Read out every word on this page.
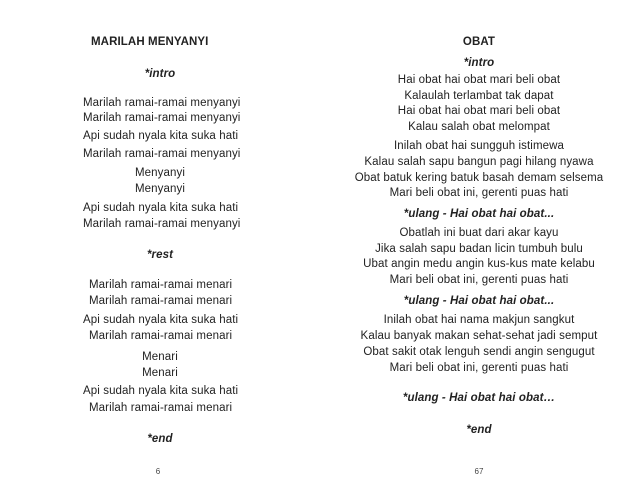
MARILAH MENYANYI
*intro
Marilah ramai-ramai menyanyi
Marilah ramai-ramai menyanyi
Api sudah nyala kita suka hati
Marilah ramai-ramai menyanyi
Menyanyi
Menyanyi
Api sudah nyala kita suka hati
Marilah ramai-ramai menyanyi
*rest
Marilah ramai-ramai menari
Marilah ramai-ramai menari
Api sudah nyala kita suka hati
Marilah ramai-ramai menari
Menari
Menari
Api sudah nyala kita suka hati
Marilah ramai-ramai menari
*end
6
OBAT
*intro
Hai obat hai obat mari beli obat
Kalaulah terlambat tak dapat
Hai obat hai obat mari beli obat
Kalau salah obat melompat
Inilah obat hai sungguh istimewa
Kalau salah sapu bangun pagi hilang nyawa
Obat batuk kering batuk basah demam selsema
Mari beli obat ini, gerenti puas hati
*ulang - Hai obat hai obat...
Obatlah ini buat dari akar kayu
Jika salah sapu badan licin tumbuh bulu
Ubat angin medu angin kus-kus mate kelabu
Mari beli obat ini, gerenti puas hati
*ulang - Hai obat hai obat...
Inilah obat hai nama makjun sangkut
Kalau banyak makan sehat-sehat jadi semput
Obat sakit otak lenguh sendi angin sengugut
Mari beli obat ini, gerenti puas hati
*ulang - Hai obat hai obat…
*end
67
